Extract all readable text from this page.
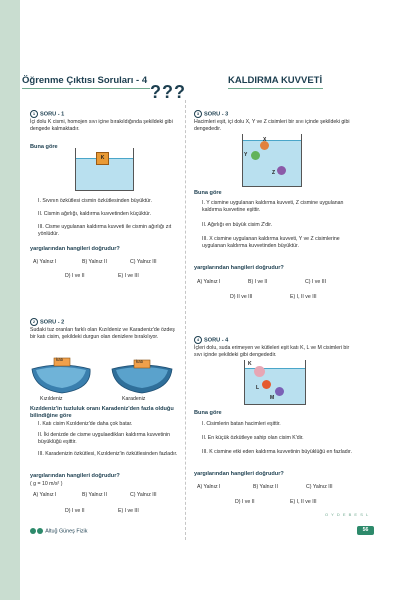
Öğrenme Çıktısı Soruları - 4
???
KALDIRMA KUVVETİ
1 SORU - 1
İçi dolu K cismi, homojen sıvı içine bırakıldığında şekildeki gibi dengede kalmaktadır.
Buna göre
K
I. Sıvının özkütlesi cismin özkütlesinden büyüktür.
II. Cismin ağırlığı, kaldırma kuvvetinden küçüktür.
III. Cisme uygulanan kaldırma kuvveti ile cismin ağırlığı zıt yönlüdür.
yargılarından hangileri doğrudur?
A) Yalnız I	B) Yalnız II	C) Yalnız III
D) I ve II	E) I ve III
2 SORU - 2
Sudaki tuz oranları farklı olan Kızıldeniz ve Karadeniz'de özdeş bir katı cisim, şekildeki durgun olan denizlere bırakılıyor.
katı	katı
Kızıldeniz	Karadeniz
Kızıldeniz'in tuzluluk oranı Karadeniz'den fazla olduğu bilindiğine göre
I. Katı cisim Kızıldeniz'de daha çok batar.
II. İki denizde de cisme uygulaedikları kaldırma kuvvetinin büyüklüğü eşittir.
III. Karadenizin özkütlesi, Kızıldeniz'in özkütlesinden fazladır.
yargılarından hangileri doğrudur?
( g = 10 m/s² )
A) Yalnız I	B) Yalnız II	C) Yalnız III
D) I ve II	E) I ve III
3 SORU - 3
Hacimleri eşit, içi dolu X, Y ve Z cisimleri bir sıvı içinde şekildeki gibi dengededir.
X
Y
Z
Buna göre
I. Y cismine uygulanan kaldırma kuvveti, Z cismine uygulanan kaldırma kuvvetine eşittir.
II. Ağırlığı en büyük cisim Z'dir.
III. X cismine uygulanan kaldırma kuvveti, Y ve Z cisimlerine uygulanan kaldırma kuvvetinden büyüktür.
yargılarından hangileri doğrudur?
A) Yalnız I	B) I ve II	C) I ve III
D) II ve III	E) I, II ve III
4 SORU - 4
İçleri dolu, suda erimeyen ve kütleleri eşit katı K, L ve M cisimleri bir sıvı içinde şekildeki gibi dengededir.
K
L
M
Buna göre
I. Cisimlerin batan hacimleri eşittir.
II. En küçük özkütleye sahip olan cisim K'dir.
III. K cismine etki eden kaldırma kuvvetinin büyüklüğü en fazladır.
yargılarından hangileri doğrudur?
A) Yalnız I	B) Yalnız II	C) Yalnız III
D) I ve II	E) I, II ve III
O Y D E B E S L
Altuğ Güneş Fizik	56
